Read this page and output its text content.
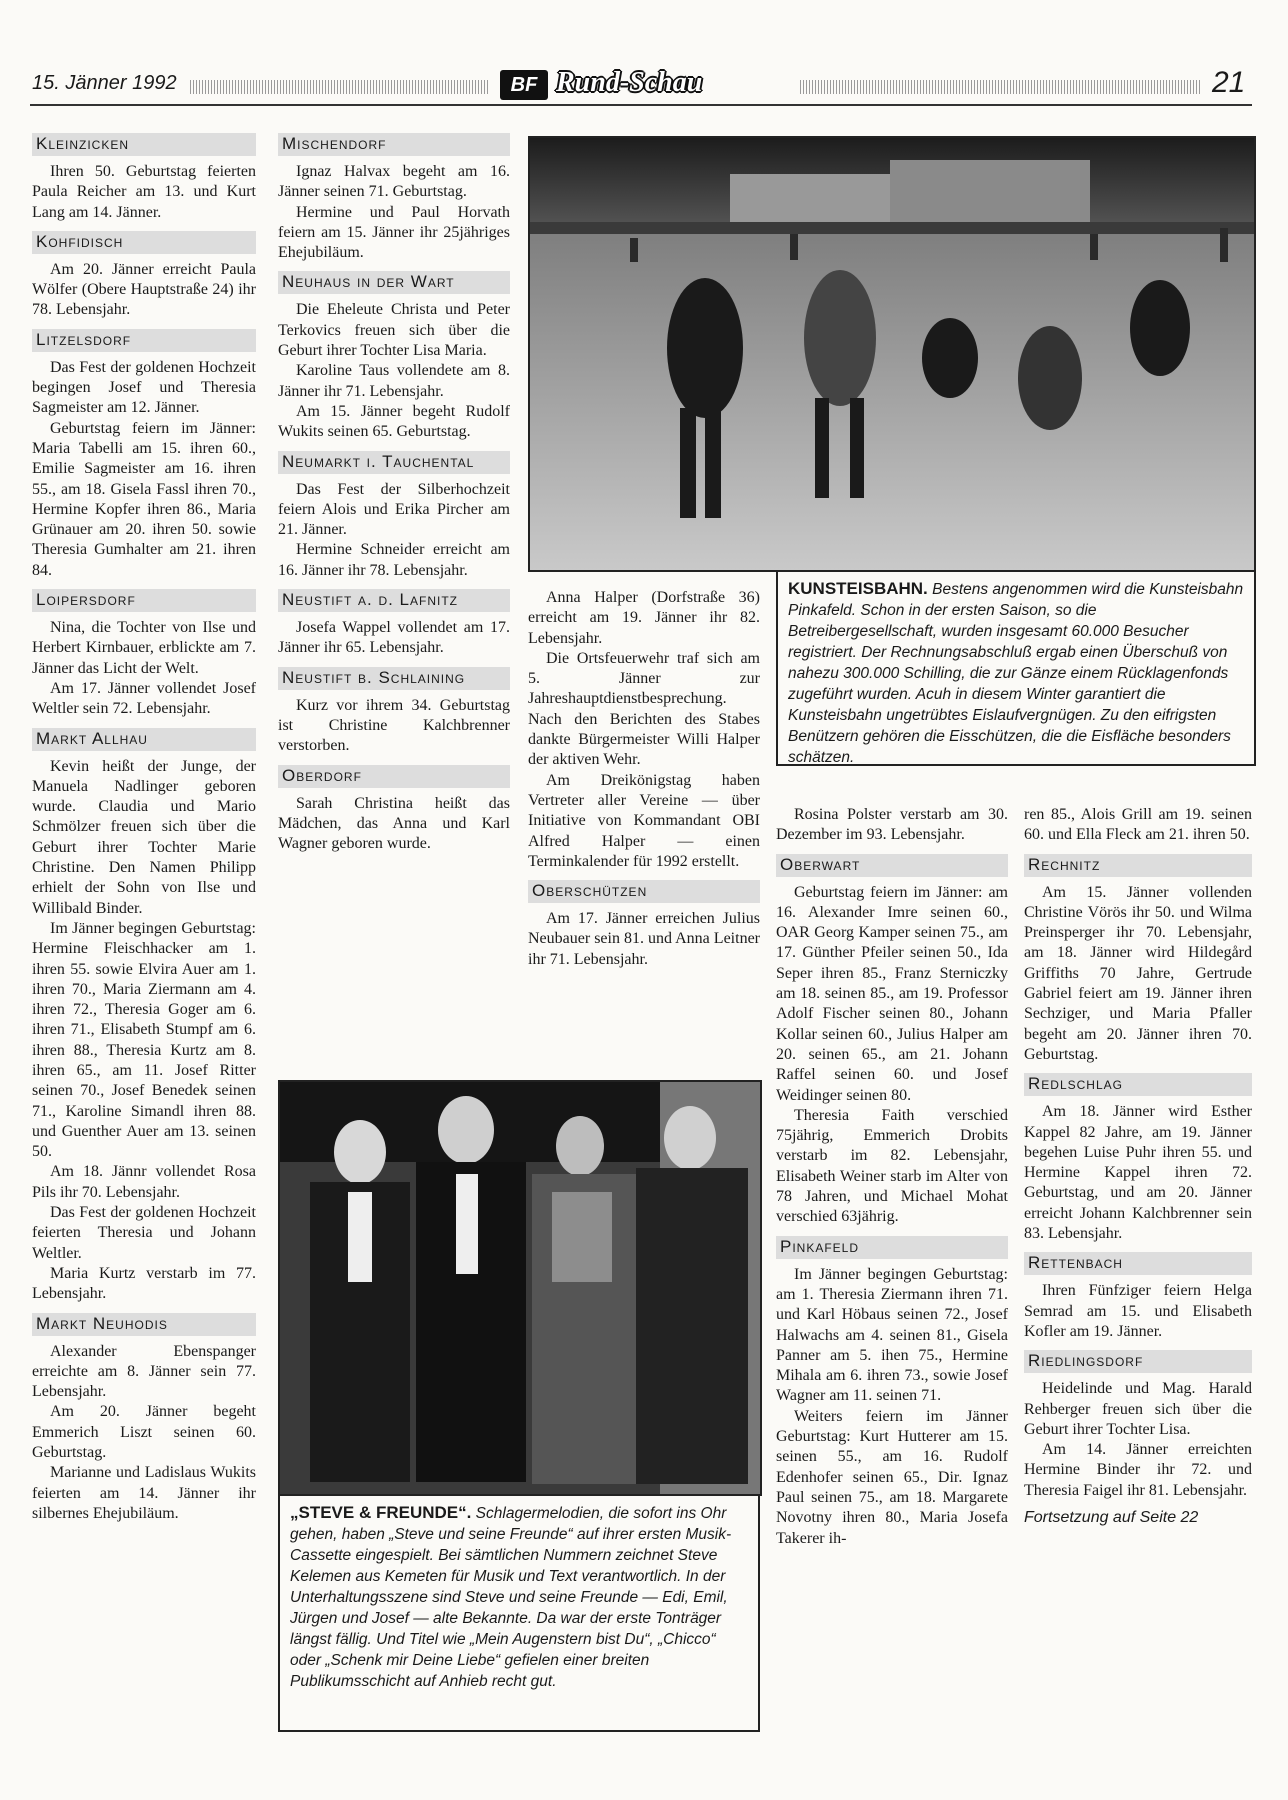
15. Jänner 1992	BF Rund-Schau	21
Kleinzicken

Ihren 50. Geburtstag feierten Paula Reicher am 13. und Kurt Lang am 14. Jänner.

Kohfidisch

Am 20. Jänner erreicht Paula Wölfer (Obere Hauptstraße 24) ihr 78. Lebensjahr.

Litzelsdorf

Das Fest der goldenen Hochzeit begingen Josef und Theresia Sagmeister am 12. Jänner.

Geburtstag feiern im Jänner: Maria Tabelli am 15. ihren 60., Emilie Sagmeister am 16. ihren 55., am 18. Gisela Fassl ihren 70., Hermine Kopfer ihren 86., Maria Grünauer am 20. ihren 50. sowie Theresia Gumhalter am 21. ihren 84.

Loipersdorf

Nina, die Tochter von Ilse und Herbert Kirnbauer, erblickte am 7. Jänner das Licht der Welt.

Am 17. Jänner vollendet Josef Weltler sein 72. Lebensjahr.

Markt Allhau

Kevin heißt der Junge, der Manuela Nadlinger geboren wurde. Claudia und Mario Schmölzer freuen sich über die Geburt ihrer Tochter Marie Christine. Den Namen Philipp erhielt der Sohn von Ilse und Willibald Binder.

Im Jänner begingen Geburtstag: Hermine Fleischhacker am 1. ihren 55. sowie Elvira Auer am 1. ihren 70., Maria Ziermann am 4. ihren 72., Theresia Goger am 6. ihren 71., Elisabeth Stumpf am 6. ihren 88., Theresia Kurtz am 8. ihren 65., am 11. Josef Ritter seinen 70., Josef Benedek seinen 71., Karoline Simandl ihren 88. und Guenther Auer am 13. seinen 50.

Am 18. Jännr vollendet Rosa Pils ihr 70. Lebensjahr.

Das Fest der goldenen Hochzeit feierten Theresia und Johann Weltler.

Maria Kurtz verstarb im 77. Lebensjahr.

Markt Neuhodis

Alexander Ebenspanger erreichte am 8. Jänner sein 77. Lebensjahr.

Am 20. Jänner begeht Emmerich Liszt seinen 60. Geburtstag.

Marianne und Ladislaus Wukits feierten am 14. Jänner ihr silbernes Ehejubiläum.

Mischendorf

Ignaz Halvax begeht am 16. Jänner seinen 71. Geburtstag.

Hermine und Paul Horvath feiern am 15. Jänner ihr 25jähriges Ehejubiläum.

Neuhaus in der Wart

Die Eheleute Christa und Peter Terkovics freuen sich über die Geburt ihrer Tochter Lisa Maria.

Karoline Taus vollendete am 8. Jänner ihr 71. Lebensjahr.

Am 15. Jänner begeht Rudolf Wukits seinen 65. Geburtstag.

Neumarkt i. Tauchental

Das Fest der Silberhochzeit feiern Alois und Erika Pircher am 21. Jänner.

Hermine Schneider erreicht am 16. Jänner ihr 78. Lebensjahr.

Neustift a. d. Lafnitz

Josefa Wappel vollendet am 17. Jänner ihr 65. Lebensjahr.

Neustift b. Schlaining

Kurz vor ihrem 34. Geburtstag ist Christine Kalchbrenner verstorben.

Oberdorf

Sarah Christina heißt das Mädchen, das Anna und Karl Wagner geboren wurde.

KUNSTEISBAHN. Bestens angenommen wird die Kunsteisbahn Pinkafeld. Schon in der ersten Saison, so die Betreibergesellschaft, wurden insgesamt 60.000 Besucher registriert. Der Rechnungsabschluß ergab einen Überschuß von nahezu 300.000 Schilling, die zur Gänze einem Rücklagenfonds zugeführt wurden. Acuh in diesem Winter garantiert die Kunsteisbahn ungetrübtes Eislaufvergnügen. Zu den eifrigsten Benützern gehören die Eisschützen, die die Eisfläche besonders schätzen.

Anna Halper (Dorfstraße 36) erreicht am 19. Jänner ihr 82. Lebensjahr.

Die Ortsfeuerwehr traf sich am 5. Jänner zur Jahreshauptdienstbesprechung. Nach den Berichten des Stabes dankte Bürgermeister Willi Halper der aktiven Wehr.

Am Dreikönigstag haben Vertreter aller Vereine — über Initiative von Kommandant OBI Alfred Halper — einen Terminkalender für 1992 erstellt.

Oberschützen

Am 17. Jänner erreichen Julius Neubauer sein 81. und Anna Leitner ihr 71. Lebensjahr.

Rosina Polster verstarb am 30. Dezember im 93. Lebensjahr.

Oberwart

Geburtstag feiern im Jänner: am 16. Alexander Imre seinen 60., OAR Georg Kamper seinen 75., am 17. Günther Pfeiler seinen 50., Ida Seper ihren 85., Franz Sterniczky am 18. seinen 85., am 19. Professor Adolf Fischer seinen 80., Johann Kollar seinen 60., Julius Halper am 20. seinen 65., am 21. Johann Raffel seinen 60. und Josef Weidinger seinen 80.

Theresia Faith verschied 75jährig, Emmerich Drobits verstarb im 82. Lebensjahr, Elisabeth Weiner starb im Alter von 78 Jahren, und Michael Mohat verschied 63jährig.

Pinkafeld

Im Jänner begingen Geburtstag: am 1. Theresia Ziermann ihren 71. und Karl Höbaus seinen 72., Josef Halwachs am 4. seinen 81., Gisela Panner am 5. ihen 75., Hermine Mihala am 6. ihren 73., sowie Josef Wagner am 11. seinen 71.

Weiters feiern im Jänner Geburtstag: Kurt Hutterer am 15. seinen 55., am 16. Rudolf Edenhofer seinen 65., Dir. Ignaz Paul seinen 75., am 18. Margarete Novotny ihren 80., Maria Josefa Takerer ih-

ren 85., Alois Grill am 19. seinen 60. und Ella Fleck am 21. ihren 50.

Rechnitz

Am 15. Jänner vollenden Christine Vörös ihr 50. und Wilma Preinsperger ihr 70. Lebensjahr, am 18. Jänner wird Hildegård Griffiths 70 Jahre, Gertrude Gabriel feiert am 19. Jänner ihren Sechziger, und Maria Pfaller begeht am 20. Jänner ihren 70. Geburtstag.

Redlschlag

Am 18. Jänner wird Esther Kappel 82 Jahre, am 19. Jänner begehen Luise Puhr ihren 55. und Hermine Kappel ihren 72. Geburtstag, und am 20. Jänner erreicht Johann Kalchbrenner sein 83. Lebensjahr.

Rettenbach

Ihren Fünfziger feiern Helga Semrad am 15. und Elisabeth Kofler am 19. Jänner.

Riedlingsdorf

Heidelinde und Mag. Harald Rehberger freuen sich über die Geburt ihrer Tochter Lisa.

Am 14. Jänner erreichten Hermine Binder ihr 72. und Theresia Faigel ihr 81. Lebensjahr.

Fortsetzung auf Seite 22
„STEVE & FREUNDE“. Schlagermelodien, die sofort ins Ohr gehen, haben „Steve und seine Freunde“ auf ihrer ersten Musik-Cassette eingespielt. Bei sämtlichen Nummern zeichnet Steve Kelemen aus Kemeten für Musik und Text verantwortlich. In der Unterhaltungsszene sind Steve und seine Freunde — Edi, Emil, Jürgen und Josef — alte Bekannte. Da war der erste Tonträger längst fällig. Und Titel wie „Mein Augenstern bist Du“, „Chicco“ oder „Schenk mir Deine Liebe“ gefielen einer breiten Publikumsschicht auf Anhieb recht gut.
